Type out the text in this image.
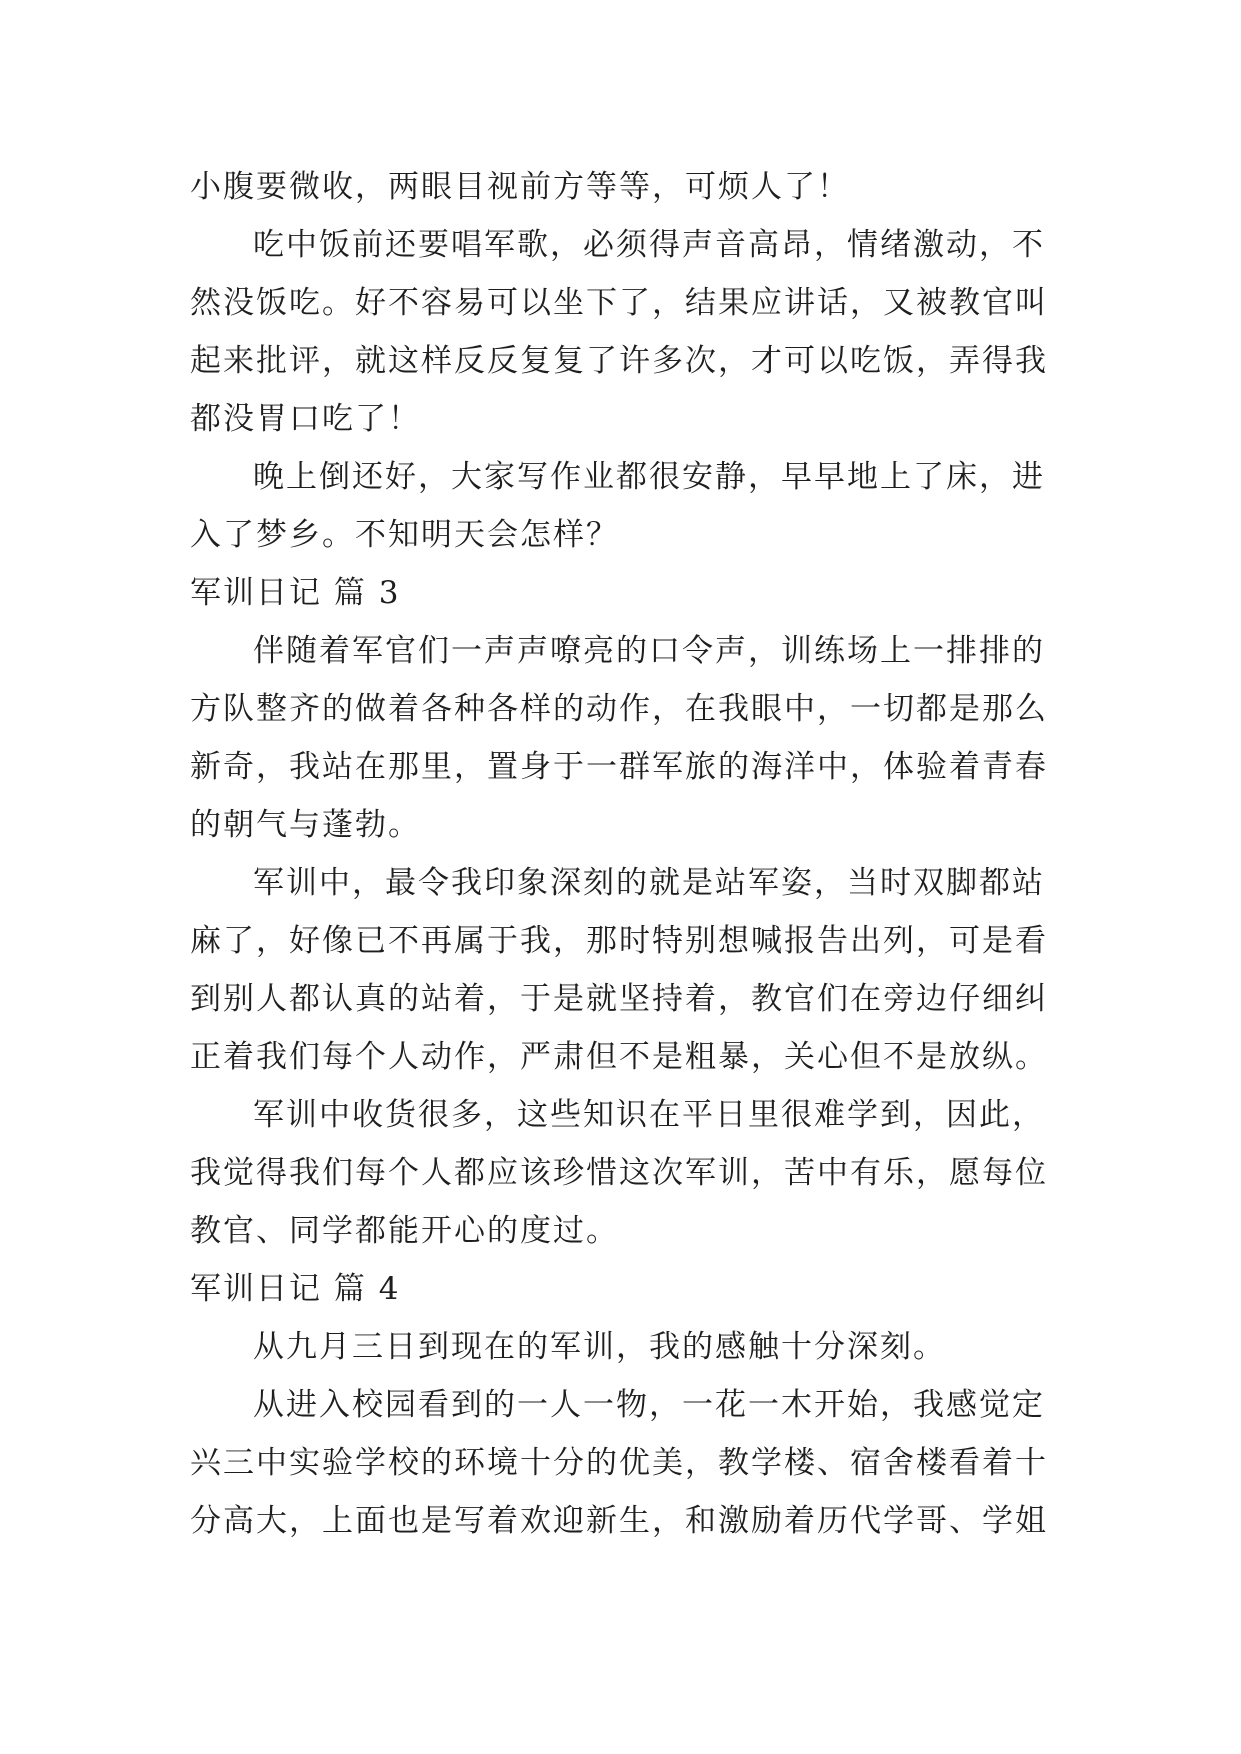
小腹要微收，两眼目视前方等等，可烦人了！
吃中饭前还要唱军歌，必须得声音高昂，情绪激动，不
然没饭吃。好不容易可以坐下了，结果应讲话，又被教官叫
起来批评，就这样反反复复了许多次，才可以吃饭，弄得我
都没胃口吃了！
晚上倒还好，大家写作业都很安静，早早地上了床，进
入了梦乡。不知明天会怎样？
军训日记 篇 3
伴随着军官们一声声嘹亮的口令声，训练场上一排排的
方队整齐的做着各种各样的动作，在我眼中，一切都是那么
新奇，我站在那里，置身于一群军旅的海洋中，体验着青春
的朝气与蓬勃。
军训中，最令我印象深刻的就是站军姿，当时双脚都站
麻了，好像已不再属于我，那时特别想喊报告出列，可是看
到别人都认真的站着，于是就坚持着，教官们在旁边仔细纠
正着我们每个人动作，严肃但不是粗暴，关心但不是放纵。
军训中收货很多，这些知识在平日里很难学到，因此，
我觉得我们每个人都应该珍惜这次军训，苦中有乐，愿每位
教官、同学都能开心的度过。
军训日记 篇 4
从九月三日到现在的军训，我的感触十分深刻。
从进入校园看到的一人一物，一花一木开始，我感觉定
兴三中实验学校的环境十分的优美，教学楼、宿舍楼看着十
分高大，上面也是写着欢迎新生，和激励着历代学哥、学姐
